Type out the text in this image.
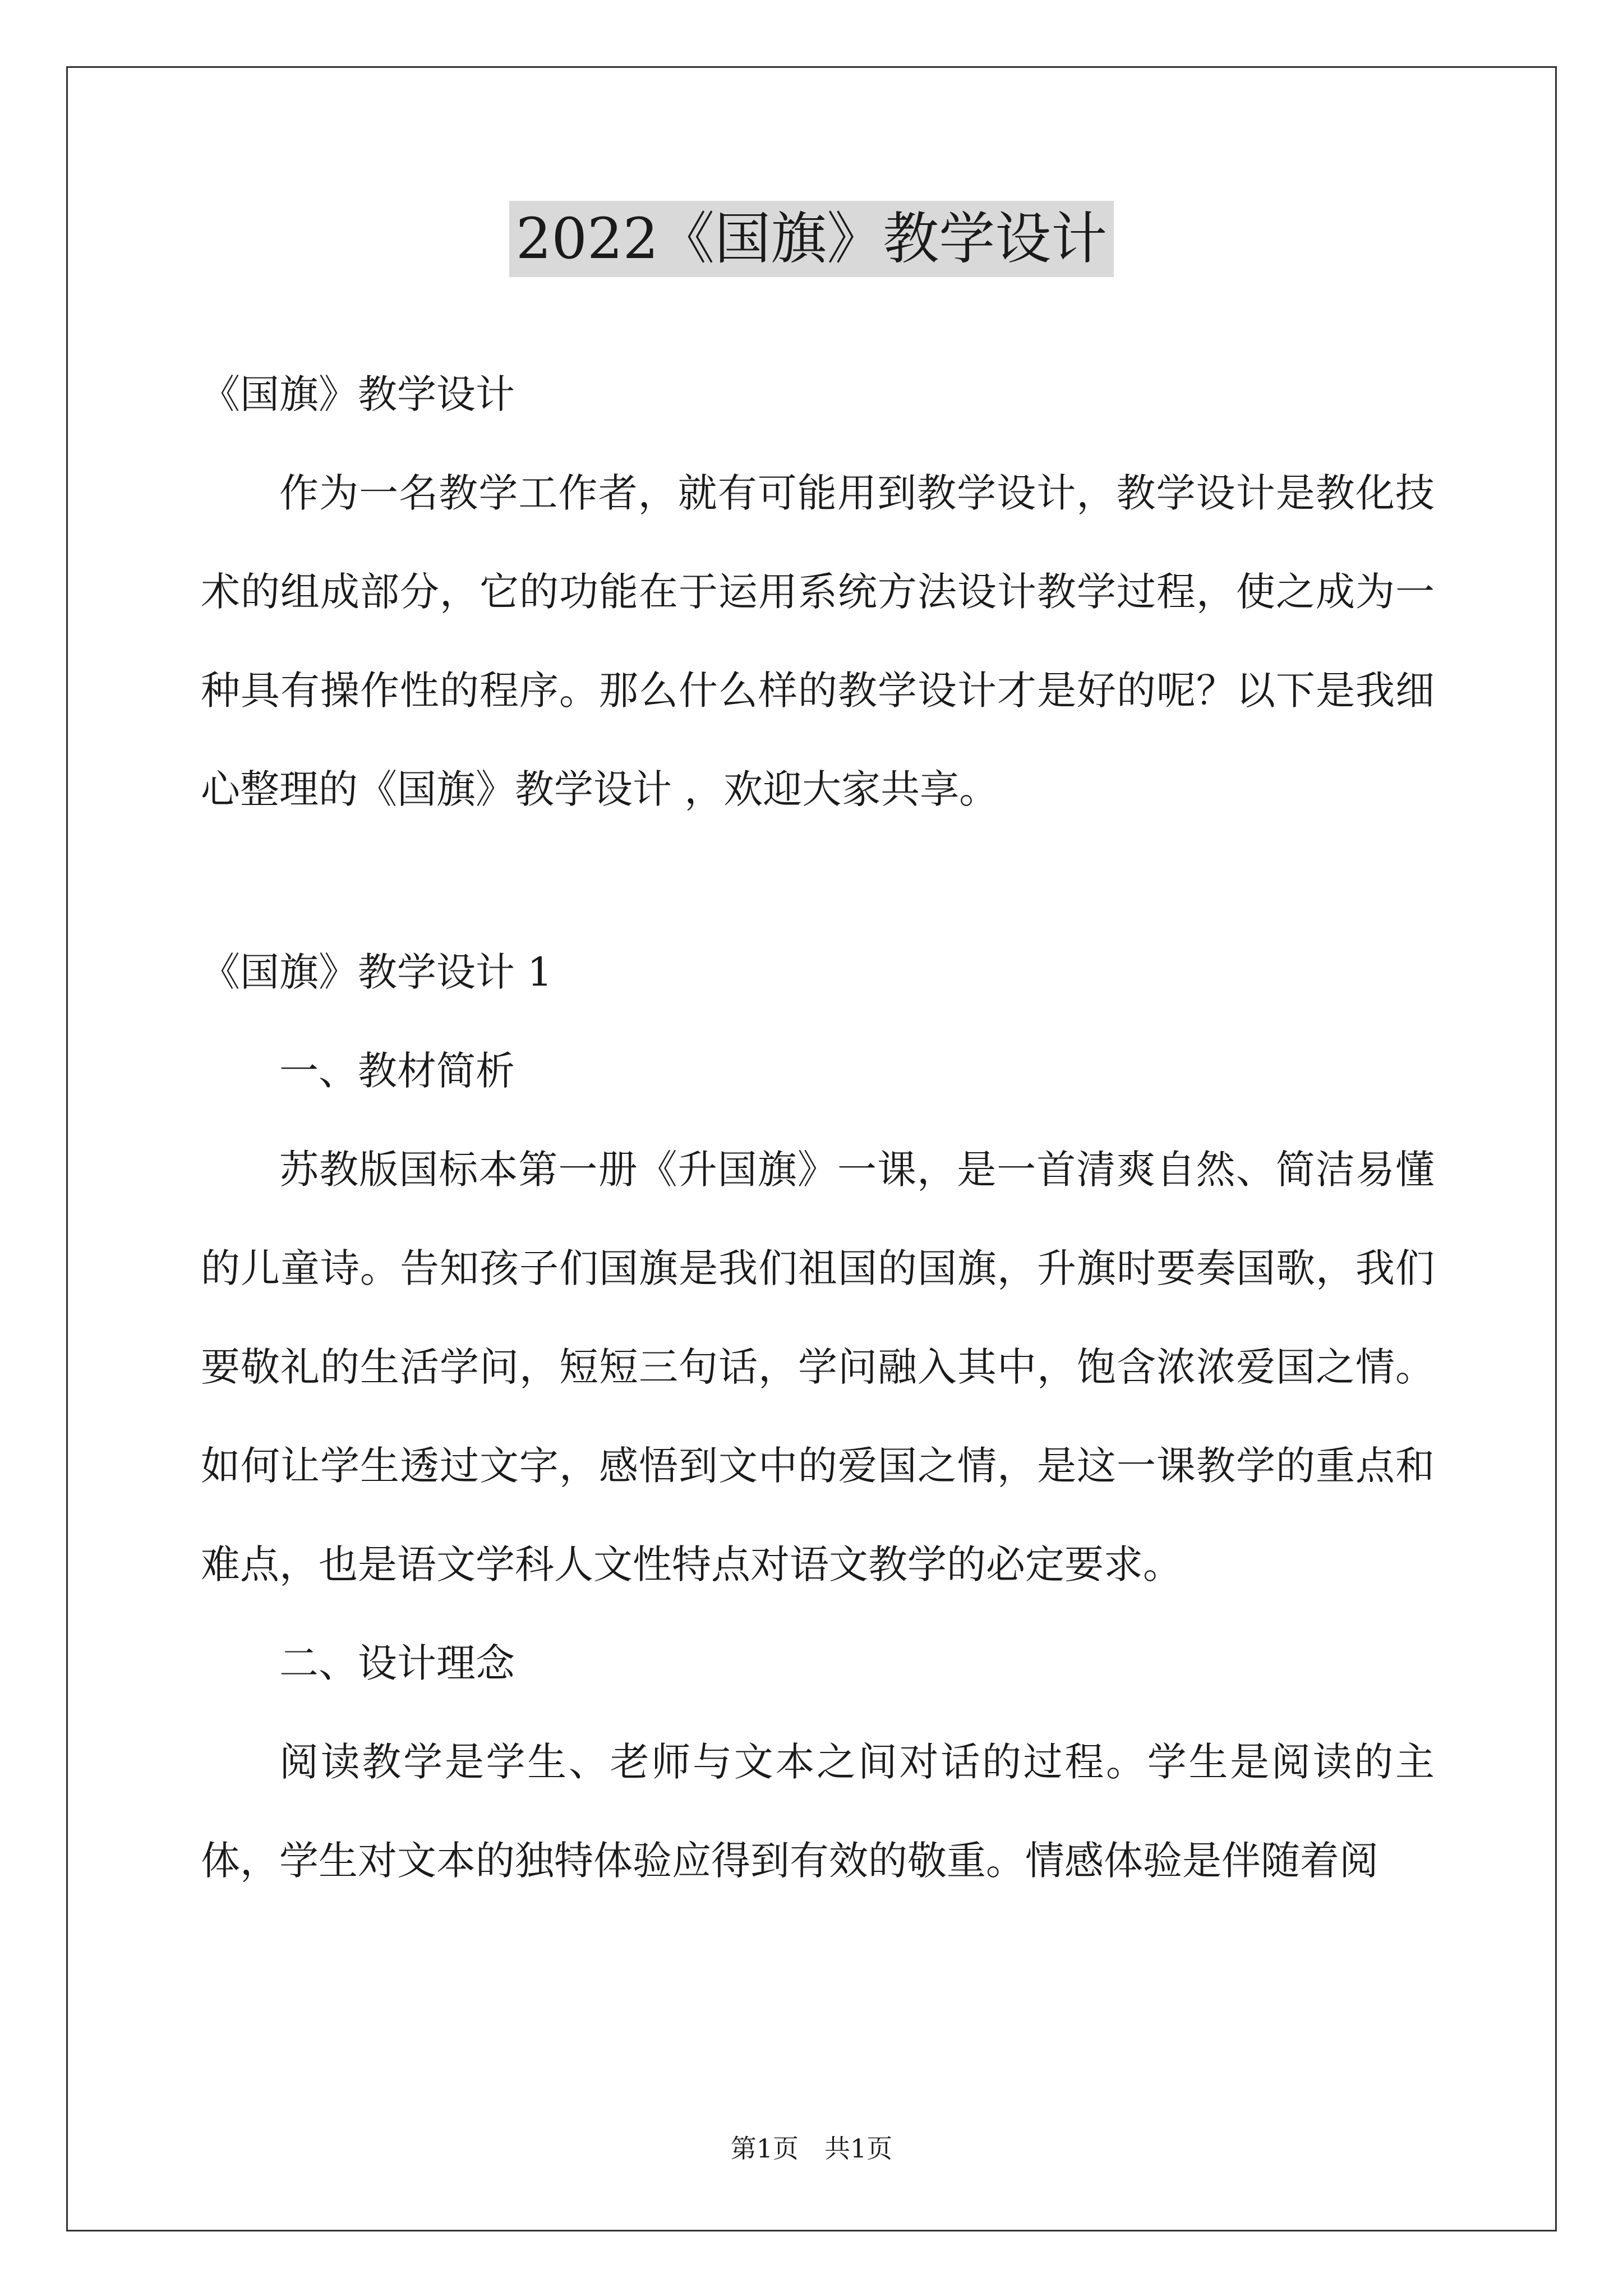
2022《国旗》教学设计
《国旗》教学设计
作为一名教学工作者，就有可能用到教学设计，教学设计是教化技术的组成部分，它的功能在于运用系统方法设计教学过程，使之成为一种具有操作性的程序。那么什么样的教学设计才是好的呢？以下是我细心整理的《国旗》教学设计 ，欢迎大家共享。
《国旗》教学设计 1
一、教材简析
苏教版国标本第一册《升国旗》一课，是一首清爽自然、简洁易懂的儿童诗。告知孩子们国旗是我们祖国的国旗，升旗时要奏国歌，我们要敬礼的生活学问，短短三句话，学问融入其中，饱含浓浓爱国之情。如何让学生透过文字，感悟到文中的爱国之情，是这一课教学的重点和难点，也是语文学科人文性特点对语文教学的必定要求。
二、设计理念
阅读教学是学生、老师与文本之间对话的过程。学生是阅读的主体，学生对文本的独特体验应得到有效的敬重。情感体验是伴随着阅
第1页 共1页
